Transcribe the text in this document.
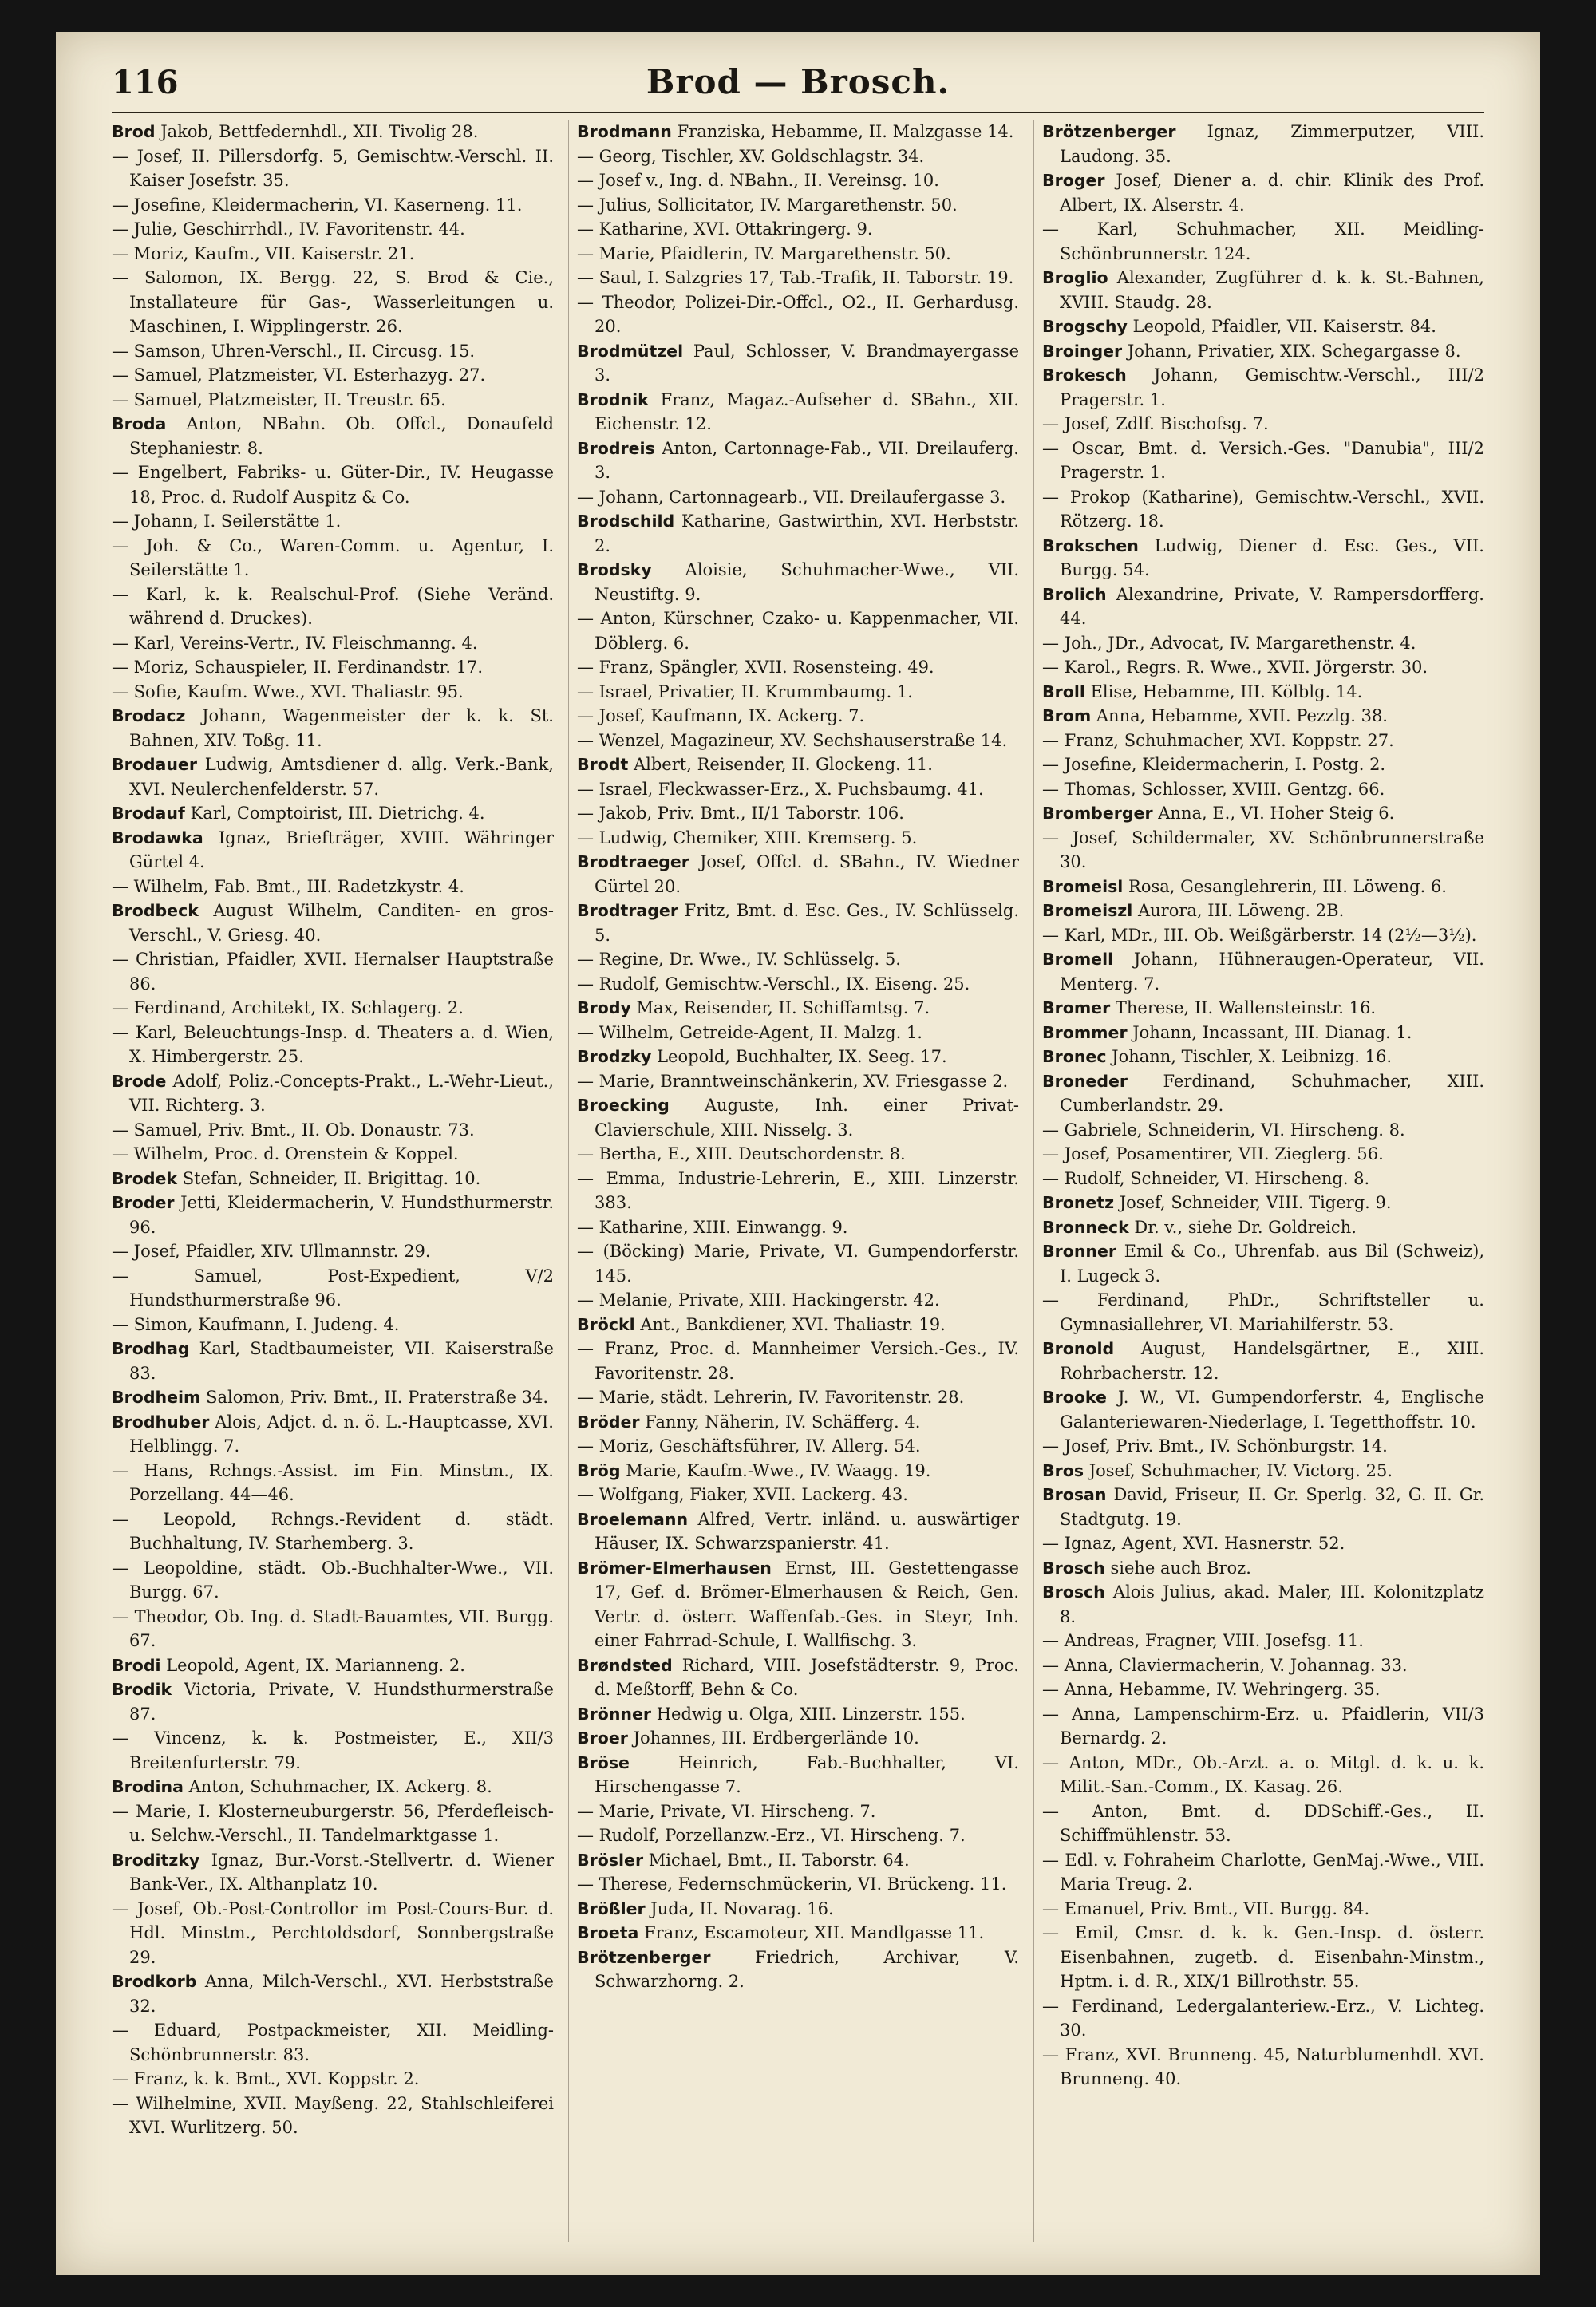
116	Brod — Brosch.

Brod Jakob, Bettfedernhdl., XII. Tivolig 28.

— Josef, II. Pillersdorfg. 5, Gemischtw.-Verschl. II. Kaiser Josefstr. 35.

— Josefine, Kleidermacherin, VI. Kaserneng. 11.

— Julie, Geschirrhdl., IV. Favoritenstr. 44.

— Moriz, Kaufm., VII. Kaiserstr. 21.

— Salomon, IX. Bergg. 22, S. Brod & Cie., Installateure für Gas-, Wasserleitungen u. Maschinen, I. Wipplingerstr. 26.

— Samson, Uhren-Verschl., II. Circusg. 15.

— Samuel, Platzmeister, VI. Esterhazyg. 27.

— Samuel, Platzmeister, II. Treustr. 65.

Broda Anton, NBahn. Ob. Offcl., Donaufeld Stephaniestr. 8.

— Engelbert, Fabriks- u. Güter-Dir., IV. Heugasse 18, Proc. d. Rudolf Auspitz & Co.

— Johann, I. Seilerstätte 1.

— Joh. & Co., Waren-Comm. u. Agentur, I. Seilerstätte 1.

— Karl, k. k. Realschul-Prof. (Siehe Veränd. während d. Druckes).

— Karl, Vereins-Vertr., IV. Fleischmanng. 4.

— Moriz, Schauspieler, II. Ferdinandstr. 17.

— Sofie, Kaufm. Wwe., XVI. Thaliastr. 95.

Brodacz Johann, Wagenmeister der k. k. St. Bahnen, XIV. Toßg. 11.

Brodauer Ludwig, Amtsdiener d. allg. Verk.-Bank, XVI. Neulerchenfelderstr. 57.

Brodauf Karl, Comptoirist, III. Dietrichg. 4.

Brodawka Ignaz, Briefträger, XVIII. Währinger Gürtel 4.

— Wilhelm, Fab. Bmt., III. Radetzkystr. 4.

Brodbeck August Wilhelm, Canditen- en gros-Verschl., V. Griesg. 40.

— Christian, Pfaidler, XVII. Hernalser Hauptstraße 86.

— Ferdinand, Architekt, IX. Schlagerg. 2.

— Karl, Beleuchtungs-Insp. d. Theaters a. d. Wien, X. Himbergerstr. 25.

Brode Adolf, Poliz.-Concepts-Prakt., L.-Wehr-Lieut., VII. Richterg. 3.

— Samuel, Priv. Bmt., II. Ob. Donaustr. 73.

— Wilhelm, Proc. d. Orenstein & Koppel.

Brodek Stefan, Schneider, II. Brigittag. 10.

Broder Jetti, Kleidermacherin, V. Hundsthurmerstr. 96.

— Josef, Pfaidler, XIV. Ullmannstr. 29.

— Samuel, Post-Expedient, V/2 Hundsthurmerstraße 96.

— Simon, Kaufmann, I. Judeng. 4.

Brodhag Karl, Stadtbaumeister, VII. Kaiserstraße 83.

Brodheim Salomon, Priv. Bmt., II. Praterstraße 34.

Brodhuber Alois, Adjct. d. n. ö. L.-Hauptcasse, XVI. Helblingg. 7.

— Hans, Rchngs.-Assist. im Fin. Minstm., IX. Porzellang. 44—46.

— Leopold, Rchngs.-Revident d. städt. Buchhaltung, IV. Starhemberg. 3.

— Leopoldine, städt. Ob.-Buchhalter-Wwe., VII. Burgg. 67.

— Theodor, Ob. Ing. d. Stadt-Bauamtes, VII. Burgg. 67.

Brodi Leopold, Agent, IX. Marianneng. 2.

Brodik Victoria, Private, V. Hundsthurmerstraße 87.

— Vincenz, k. k. Postmeister, E., XII/3 Breitenfurterstr. 79.

Brodina Anton, Schuhmacher, IX. Ackerg. 8.

— Marie, I. Klosterneuburgerstr. 56, Pferdefleisch- u. Selchw.-Verschl., II. Tandelmarktgasse 1.

Broditzky Ignaz, Bur.-Vorst.-Stellvertr. d. Wiener Bank-Ver., IX. Althanplatz 10.

— Josef, Ob.-Post-Controllor im Post-Cours-Bur. d. Hdl. Minstm., Perchtoldsdorf, Sonnbergstraße 29.

Brodkorb Anna, Milch-Verschl., XVI. Herbststraße 32.

— Eduard, Postpackmeister, XII. Meidling-Schönbrunnerstr. 83.

— Franz, k. k. Bmt., XVI. Koppstr. 2.

— Wilhelmine, XVII. Mayßeng. 22, Stahlschleiferei XVI. Wurlitzerg. 50.

Brodmann Franziska, Hebamme, II. Malzgasse 14.

— Georg, Tischler, XV. Goldschlagstr. 34.

— Josef v., Ing. d. NBahn., II. Vereinsg. 10.

— Julius, Sollicitator, IV. Margarethenstr. 50.

— Katharine, XVI. Ottakringerg. 9.

— Marie, Pfaidlerin, IV. Margarethenstr. 50.

— Saul, I. Salzgries 17, Tab.-Trafik, II. Taborstr. 19.

— Theodor, Polizei-Dir.-Offcl., O2., II. Gerhardusg. 20.

Brodmützel Paul, Schlosser, V. Brandmayergasse 3.

Brodnik Franz, Magaz.-Aufseher d. SBahn., XII. Eichenstr. 12.

Brodreis Anton, Cartonnage-Fab., VII. Dreilauferg. 3.

— Johann, Cartonnagearb., VII. Dreilaufergasse 3.

Brodschild Katharine, Gastwirthin, XVI. Herbststr. 2.

Brodsky Aloisie, Schuhmacher-Wwe., VII. Neustiftg. 9.

— Anton, Kürschner, Czako- u. Kappenmacher, VII. Döblerg. 6.

— Franz, Spängler, XVII. Rosensteing. 49.

— Israel, Privatier, II. Krummbaumg. 1.

— Josef, Kaufmann, IX. Ackerg. 7.

— Wenzel, Magazineur, XV. Sechshauserstraße 14.

Brodt Albert, Reisender, II. Glockeng. 11.

— Israel, Fleckwasser-Erz., X. Puchsbaumg. 41.

— Jakob, Priv. Bmt., II/1 Taborstr. 106.

— Ludwig, Chemiker, XIII. Kremserg. 5.

Brodtraeger Josef, Offcl. d. SBahn., IV. Wiedner Gürtel 20.

Brodtrager Fritz, Bmt. d. Esc. Ges., IV. Schlüsselg. 5.

— Regine, Dr. Wwe., IV. Schlüsselg. 5.

— Rudolf, Gemischtw.-Verschl., IX. Eiseng. 25.

Brody Max, Reisender, II. Schiffamtsg. 7.

— Wilhelm, Getreide-Agent, II. Malzg. 1.

Brodzky Leopold, Buchhalter, IX. Seeg. 17.

— Marie, Branntweinschänkerin, XV. Friesgasse 2.

Broecking Auguste, Inh. einer Privat-Clavierschule, XIII. Nisselg. 3.

— Bertha, E., XIII. Deutschordenstr. 8.

— Emma, Industrie-Lehrerin, E., XIII. Linzerstr. 383.

— Katharine, XIII. Einwangg. 9.

— (Böcking) Marie, Private, VI. Gumpendorferstr. 145.

— Melanie, Private, XIII. Hackingerstr. 42.

Bröckl Ant., Bankdiener, XVI. Thaliastr. 19.

— Franz, Proc. d. Mannheimer Versich.-Ges., IV. Favoritenstr. 28.

— Marie, städt. Lehrerin, IV. Favoritenstr. 28.

Bröder Fanny, Näherin, IV. Schäfferg. 4.

— Moriz, Geschäftsführer, IV. Allerg. 54.

Brög Marie, Kaufm.-Wwe., IV. Waagg. 19.

— Wolfgang, Fiaker, XVII. Lackerg. 43.

Broelemann Alfred, Vertr. inländ. u. auswärtiger Häuser, IX. Schwarzspanierstr. 41.

Brömer-Elmerhausen Ernst, III. Gestettengasse 17, Gef. d. Brömer-Elmerhausen & Reich, Gen. Vertr. d. österr. Waffenfab.-Ges. in Steyr, Inh. einer Fahrrad-Schule, I. Wallfischg. 3.

Brøndsted Richard, VIII. Josefstädterstr. 9, Proc. d. Meßtorff, Behn & Co.

Brönner Hedwig u. Olga, XIII. Linzerstr. 155.

Broer Johannes, III. Erdbergerlände 10.

Bröse	Heinrich, Fab.-Buchhalter, VI. Hirschengasse 7.

— Marie, Private, VI. Hirscheng. 7.

— Rudolf, Porzellanzw.-Erz., VI. Hirscheng. 7.

Brösler Michael, Bmt., II. Taborstr. 64.

— Therese, Federnschmückerin, VI. Brückeng. 11.

Brößler Juda, II. Novarag. 16.

Broeta Franz, Escamoteur, XII. Mandlgasse 11.

Brötzenberger	Friedrich, Archivar, V. Schwarzhorng. 2.

Brötzenberger Ignaz, Zimmerputzer, VIII. Laudong. 35.

Broger Josef, Diener a. d. chir. Klinik des Prof. Albert, IX. Alserstr. 4.

— Karl, Schuhmacher, XII. Meidling-Schönbrunnerstr. 124.

Broglio Alexander, Zugführer d. k. k. St.-Bahnen, XVIII. Staudg. 28.

Brogschy Leopold, Pfaidler, VII. Kaiserstr. 84.

Broinger Johann, Privatier, XIX. Schegargasse 8.

Brokesch Johann, Gemischtw.-Verschl., III/2 Pragerstr. 1.

— Josef, Zdlf. Bischofsg. 7.

— Oscar, Bmt. d. Versich.-Ges. "Danubia", III/2 Pragerstr. 1.

— Prokop (Katharine), Gemischtw.-Verschl., XVII. Rötzerg. 18.

Brokschen Ludwig, Diener d. Esc. Ges., VII. Burgg. 54.

Brolich Alexandrine, Private, V. Rampersdorfferg. 44.

— Joh., JDr., Advocat, IV. Margarethenstr. 4.

— Karol., Regrs. R. Wwe., XVII. Jörgerstr. 30.

Broll Elise, Hebamme, III. Kölblg. 14.

Brom Anna, Hebamme, XVII. Pezzlg. 38.

— Franz, Schuhmacher, XVI. Koppstr. 27.

— Josefine, Kleidermacherin, I. Postg. 2.

— Thomas, Schlosser, XVIII. Gentzg. 66.

Bromberger Anna, E., VI. Hoher Steig 6.

— Josef, Schildermaler, XV. Schönbrunnerstraße 30.

Bromeisl Rosa, Gesanglehrerin, III. Löweng. 6.

Bromeiszl Aurora, III. Löweng. 2B.

— Karl, MDr., III. Ob. Weißgärberstr. 14 (2½—3½).

Bromell Johann, Hühneraugen-Operateur, VII. Menterg. 7.

Bromer Therese, II. Wallensteinstr. 16.

Brommer Johann, Incassant, III. Dianag. 1.

Bronec Johann, Tischler, X. Leibnizg. 16.

Broneder Ferdinand, Schuhmacher, XIII. Cumberlandstr. 29.

— Gabriele, Schneiderin, VI. Hirscheng. 8.

— Josef, Posamentirer, VII. Zieglerg. 56.

— Rudolf, Schneider, VI. Hirscheng. 8.

Bronetz Josef, Schneider, VIII. Tigerg. 9.

Bronneck Dr. v., siehe Dr. Goldreich.

Bronner Emil & Co., Uhrenfab. aus Bil (Schweiz), I. Lugeck 3.

— Ferdinand, PhDr., Schriftsteller u. Gymnasiallehrer, VI. Mariahilferstr. 53.

Bronold August, Handelsgärtner, E., XIII. Rohrbacherstr. 12.

Brooke J. W., VI. Gumpendorferstr. 4, Englische Galanteriewaren-Niederlage, I. Tegetthoffstr. 10.

— Josef, Priv. Bmt., IV. Schönburgstr. 14.

Bros Josef, Schuhmacher, IV. Victorg. 25.

Brosan David, Friseur, II. Gr. Sperlg. 32, G. II. Gr. Stadtgutg. 19.

— Ignaz, Agent, XVI. Hasnerstr. 52.

Brosch siehe auch Broz.

Brosch Alois Julius, akad. Maler, III. Kolonitzplatz 8.

— Andreas, Fragner, VIII. Josefsg. 11.

— Anna, Claviermacherin, V. Johannag. 33.

— Anna, Hebamme, IV. Wehringerg. 35.

— Anna, Lampenschirm-Erz. u. Pfaidlerin, VII/3 Bernardg. 2.

— Anton, MDr., Ob.-Arzt. a. o. Mitgl. d. k. u. k. Milit.-San.-Comm., IX. Kasag. 26.

— Anton, Bmt. d. DDSchiff.-Ges., II. Schiffmühlenstr. 53.

— Edl. v. Fohraheim Charlotte, GenMaj.-Wwe., VIII. Maria Treug. 2.

— Emanuel, Priv. Bmt., VII. Burgg. 84.

— Emil, Cmsr. d. k. k. Gen.-Insp. d. österr. Eisenbahnen, zugetb. d. Eisenbahn-Minstm., Hptm. i. d. R., XIX/1 Billrothstr. 55.

— Ferdinand, Ledergalanteriew.-Erz., V. Lichteg. 30.

— Franz, XVI. Brunneng. 45, Naturblumenhdl. XVI. Brunneng. 40.
